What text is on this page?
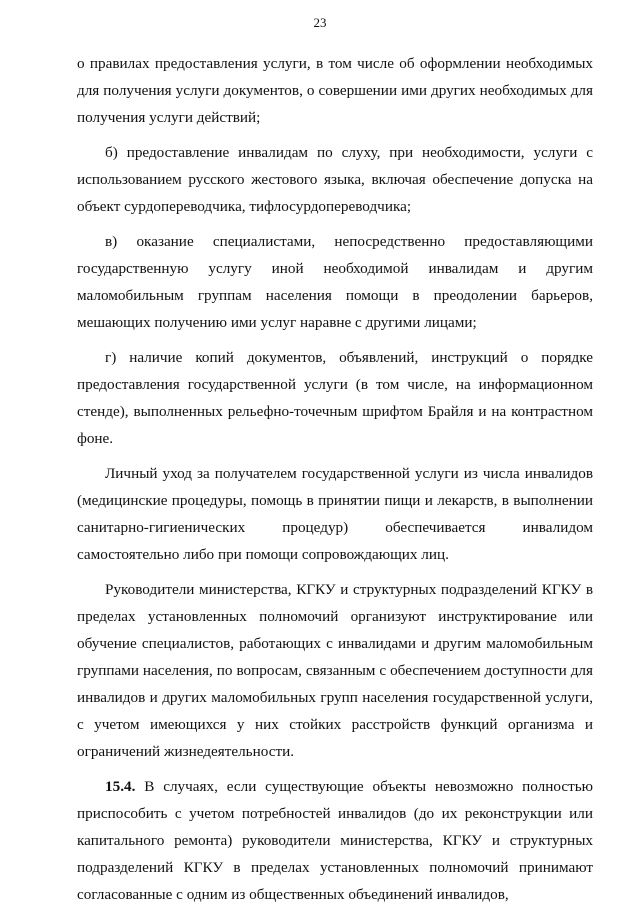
23

о правилах предоставления услуги, в том числе об оформлении необходимых для получения услуги документов, о совершении ими других необходимых для получения услуги действий;

б) предоставление инвалидам по слуху, при необходимости, услуги с использованием русского жестового языка, включая обеспечение допуска на объект сурдопереводчика, тифлосурдопереводчика;

в) оказание специалистами, непосредственно предоставляющими государственную услугу иной необходимой инвалидам и другим маломобильным группам населения помощи в преодолении барьеров, мешающих получению ими услуг наравне с другими лицами;

г) наличие копий документов, объявлений, инструкций о порядке предоставления государственной услуги (в том числе, на информационном стенде), выполненных рельефно-точечным шрифтом Брайля и на контрастном фоне.

Личный уход за получателем государственной услуги из числа инвалидов (медицинские процедуры, помощь в принятии пищи и лекарств, в выполнении санитарно-гигиенических процедур) обеспечивается инвалидом самостоятельно либо при помощи сопровождающих лиц.

Руководители министерства, КГКУ и структурных подразделений КГКУ в пределах установленных полномочий организуют инструктирование или обучение специалистов, работающих с инвалидами и другим маломобильным группами населения, по вопросам, связанным с обеспечением доступности для инвалидов и других маломобильных групп населения государственной услуги, с учетом имеющихся у них стойких расстройств функций организма и ограничений жизнедеятельности.

15.4. В случаях, если существующие объекты невозможно полностью приспособить с учетом потребностей инвалидов (до их реконструкции или капитального ремонта) руководители министерства, КГКУ и структурных подразделений КГКУ в пределах установленных полномочий принимают согласованные с одним из общественных объединений инвалидов,
